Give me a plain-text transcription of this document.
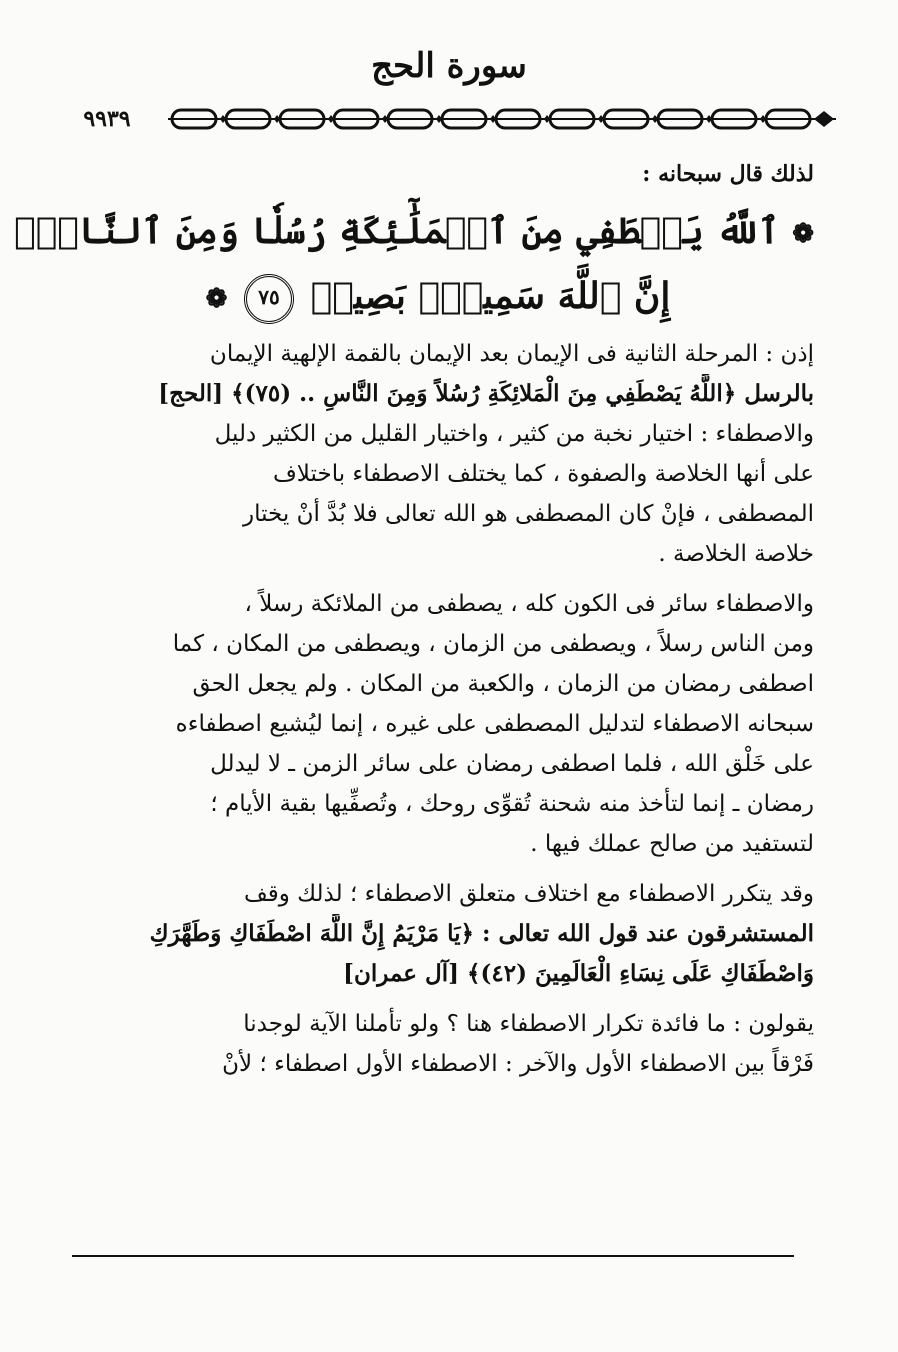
سورة الحج
٩٩٣٩

لذلك قال سبحانه :

❁ ٱللَّهُ يَصۡطَفِي مِنَ ٱلۡمَلَٰٓئِكَةِ رُسُلٗا وَمِنَ ٱلنَّاسِۚ
إِنَّ ٱللَّهَ سَمِيعُۢ بَصِيرٞ ٧٥ ❁

إذن : المرحلة الثانية فى الإيمان بعد الإيمان بالقمة الإلهية الإيمان

بالرسل ﴿اللَّهُ يَصْطَفِي مِنَ الْمَلائِكَةِ رُسُلاً وَمِنَ النَّاسِ .. (٧٥)﴾ [الحج]

والاصطفاء : اختيار نخبة من كثير ، واختيار القليل من الكثير دليل

على أنها الخلاصة والصفوة ، كما يختلف الاصطفاء باختلاف

المصطفى ، فإنْ كان المصطفى هو الله تعالى فلا بُدَّ أنْ يختار

خلاصة الخلاصة .

والاصطفاء سائر فى الكون كله ، يصطفى من الملائكة رسلاً ،

ومن الناس رسلاً ، ويصطفى من الزمان ، ويصطفى من المكان ، كما

اصطفى رمضان من الزمان ، والكعبة من المكان . ولم يجعل الحق

سبحانه الاصطفاء لتدليل المصطفى على غيره ، إنما ليُشيع اصطفاءه

على خَلْق الله ، فلما اصطفى رمضان على سائر الزمن ـ لا ليدلل

رمضان ـ إنما لتأخذ منه شحنة تُقوِّى روحك ، وتُصفِّيها بقية الأيام ؛

لتستفيد من صالح عملك فيها .

وقد يتكرر الاصطفاء مع اختلاف متعلق الاصطفاء ؛ لذلك وقف

المستشرقون عند قول الله تعالى : ﴿يَا مَرْيَمُ إِنَّ اللَّهَ اصْطَفَاكِ وَطَهَّرَكِ

وَاصْطَفَاكِ عَلَى نِسَاءِ الْعَالَمِينَ (٤٢)﴾ [آل عمران]

يقولون : ما فائدة تكرار الاصطفاء هنا ؟ ولو تأملنا الآية لوجدنا

فَرْقاً بين الاصطفاء الأول والآخر : الاصطفاء الأول اصطفاء ؛ لأنْ
